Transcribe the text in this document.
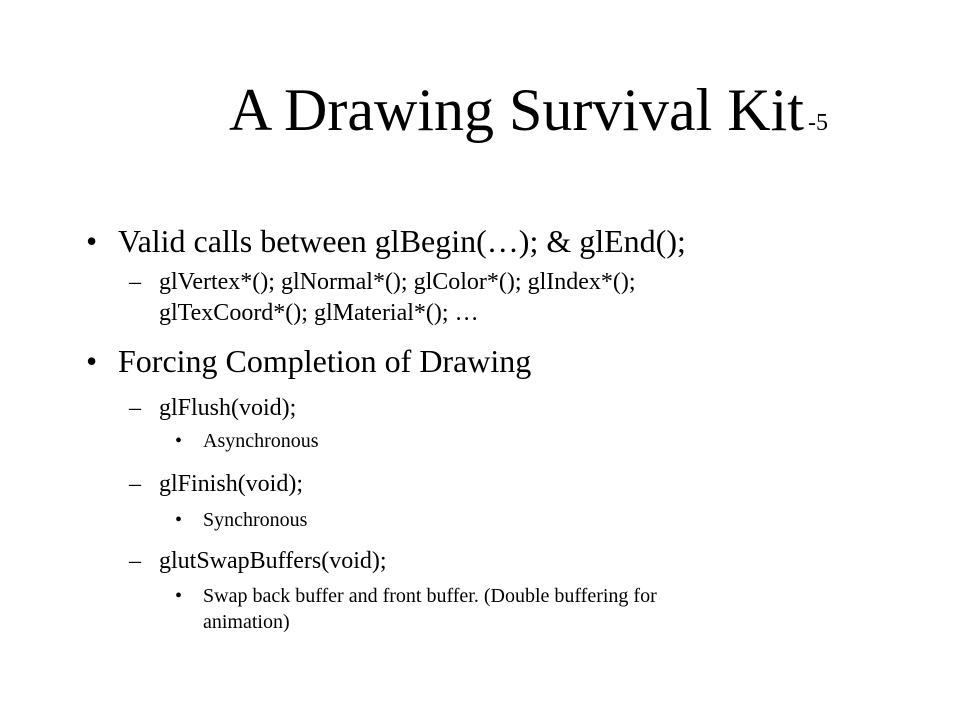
A Drawing Survival Kit -5
• Valid calls between glBegin(…); & glEnd();
– glVertex*(); glNormal*(); glColor*(); glIndex*();
glTexCoord*(); glMaterial*(); …
• Forcing Completion of Drawing
– glFlush(void);
• Asynchronous
– glFinish(void);
• Synchronous
– glutSwapBuffers(void);
• Swap back buffer and front buffer. (Double buffering for
animation)
